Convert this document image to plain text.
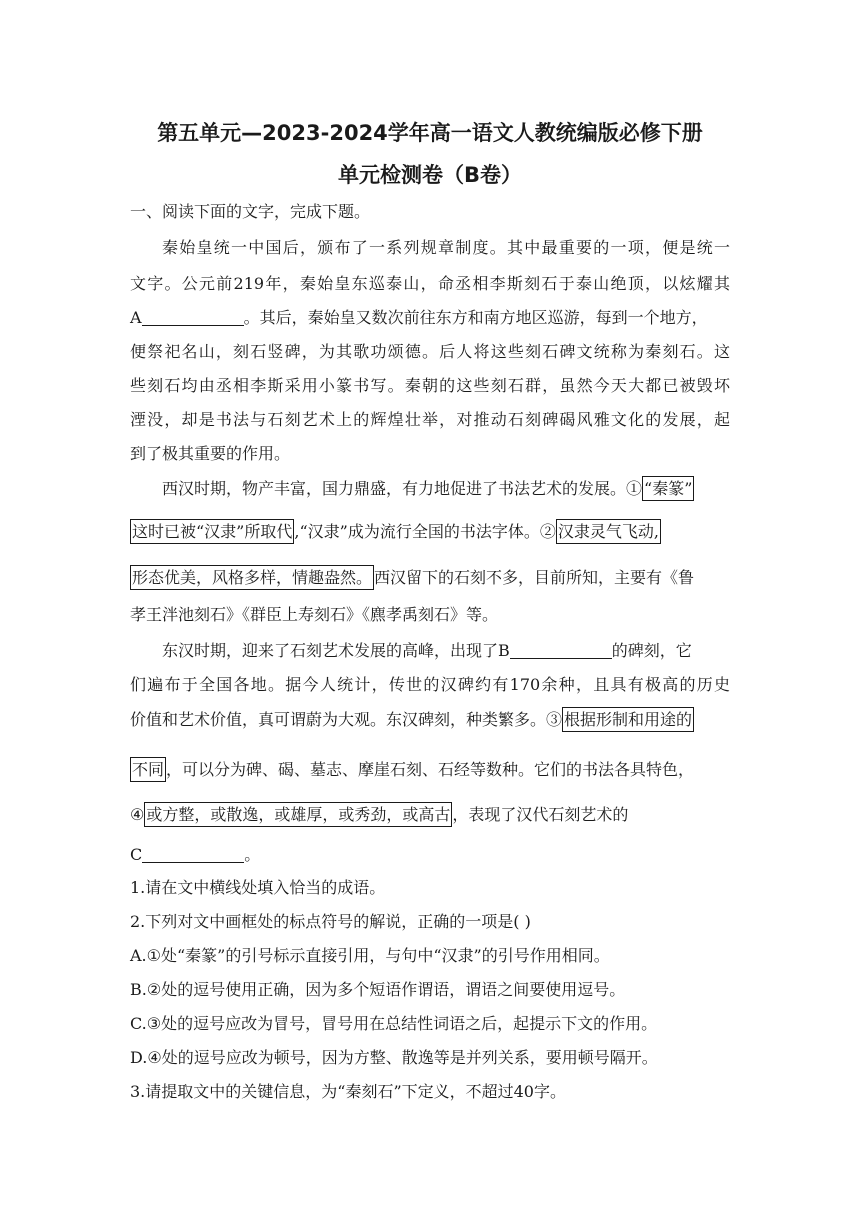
第五单元—2023-2024学年高一语文人教统编版必修下册
单元检测卷（B卷）

一、阅读下面的文字，完成下题。

秦始皇统一中国后，颁布了一系列规章制度。其中最重要的一项，便是统一

文字。公元前219年，秦始皇东巡泰山，命丞相李斯刻石于泰山绝顶，以炫耀其

A	。其后，秦始皇又数次前往东方和南方地区巡游，每到一个地方，

便祭祀名山，刻石竖碑，为其歌功颂德。后人将这些刻石碑文统称为秦刻石。这

些刻石均由丞相李斯采用小篆书写。秦朝的这些刻石群，虽然今天大都已被毁坏

湮没，却是书法与石刻艺术上的辉煌壮举，对推动石刻碑碣风雅文化的发展，起

到了极其重要的作用。

西汉时期，物产丰富，国力鼎盛，有力地促进了书法艺术的发展。① “秦篆”

这时已被“汉隶”所取代 ,“汉隶”成为流行全国的书法字体。② 汉隶灵气飞动,

形态优美，风格多样，情趣盎然。 西汉留下的石刻不多，目前所知，主要有《鲁

孝王泮池刻石》《群臣上寿刻石》《麃孝禹刻石》等。

东汉时期，迎来了石刻艺术发展的高峰，出现了B	的碑刻，它

们遍布于全国各地。据今人统计，传世的汉碑约有170余种，且具有极高的历史

价值和艺术价值，真可谓蔚为大观。东汉碑刻，种类繁多。③ 根据形制和用途的

不同 ，可以分为碑、碣、墓志、摩崖石刻、石经等数种。它们的书法各具特色，

④ 或方整，或散逸，或雄厚，或秀劲，或高古 ，表现了汉代石刻艺术的

C	。

1.请在文中横线处填入恰当的成语。

2.下列对文中画框处的标点符号的解说，正确的一项是( )

A.①处“秦篆”的引号标示直接引用，与句中“汉隶”的引号作用相同。

B.②处的逗号使用正确，因为多个短语作谓语，谓语之间要使用逗号。

C.③处的逗号应改为冒号，冒号用在总结性词语之后，起提示下文的作用。

D.④处的逗号应改为顿号，因为方整、散逸等是并列关系，要用顿号隔开。

3.请提取文中的关键信息，为“秦刻石”下定义，不超过40字。
